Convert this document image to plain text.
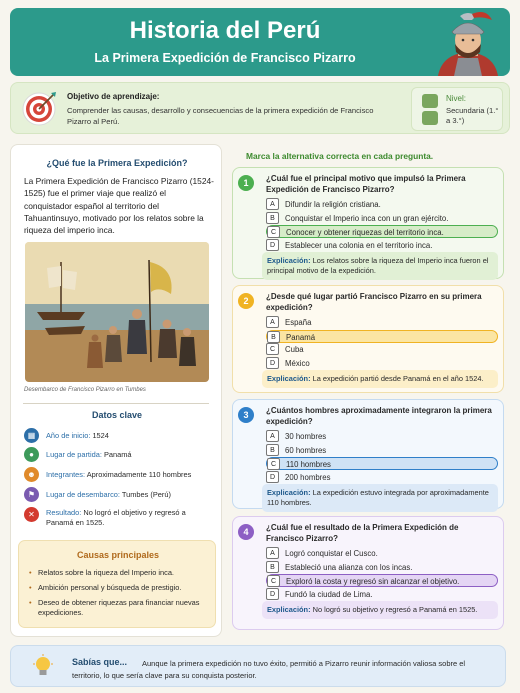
Historia del Perú
La Primera Expedición de Francisco Pizarro
Objetivo de aprendizaje:
Comprender las causas, desarrollo y consecuencias de la primera expedición de Francisco Pizarro al Perú.
Nivel:
Secundaria (1.° a 3.°)
¿Qué fue la Primera Expedición?
La Primera Expedición de Francisco Pizarro (1524-1525) fue el primer viaje que realizó el conquistador español al territorio del Tahuantinsuyo, motivado por los relatos sobre la riqueza del imperio inca.
Desembarco de Francisco Pizarro en Tumbes
Datos clave
▦	Año de inicio: 1524
●	Lugar de partida: Panamá
☻	Integrantes: Aproximadamente 110 hombres
⚑	Lugar de desembarco: Tumbes (Perú)
✕	Resultado: No logró el objetivo y regresó a Panamá en 1525.
Causas principales
• Relatos sobre la riqueza del Imperio inca.
• Ambición personal y búsqueda de prestigio.
• Deseo de obtener riquezas para financiar nuevas expediciones.
Marca la alternativa correcta en cada pregunta.
1	¿Cuál fue el principal motivo que impulsó la Primera Expedición de Francisco Pizarro?
A	Difundir la religión cristiana.
B	Conquistar el Imperio inca con un gran ejército.
C	Conocer y obtener riquezas del territorio inca.
D	Establecer una colonia en el territorio inca.
Explicación: Los relatos sobre la riqueza del Imperio inca fueron el principal motivo de la expedición.
2	¿Desde qué lugar partió Francisco Pizarro en su primera expedición?
A	España
B	Panamá
C	Cuba
D	México
Explicación: La expedición partió desde Panamá en el año 1524.
3	¿Cuántos hombres aproximadamente integraron la primera expedición?
A	30 hombres
B	60 hombres
C	110 hombres
D	200 hombres
Explicación: La expedición estuvo integrada por aproximadamente 110 hombres.
4	¿Cuál fue el resultado de la Primera Expedición de Francisco Pizarro?
A	Logró conquistar el Cusco.
B	Estableció una alianza con los incas.
C	Exploró la costa y regresó sin alcanzar el objetivo.
D	Fundó la ciudad de Lima.
Explicación: No logró su objetivo y regresó a Panamá en 1525.
Sabías que...	Aunque la primera expedición no tuvo éxito, permitió a Pizarro reunir información valiosa sobre el territorio, lo que sería clave para su conquista posterior.
